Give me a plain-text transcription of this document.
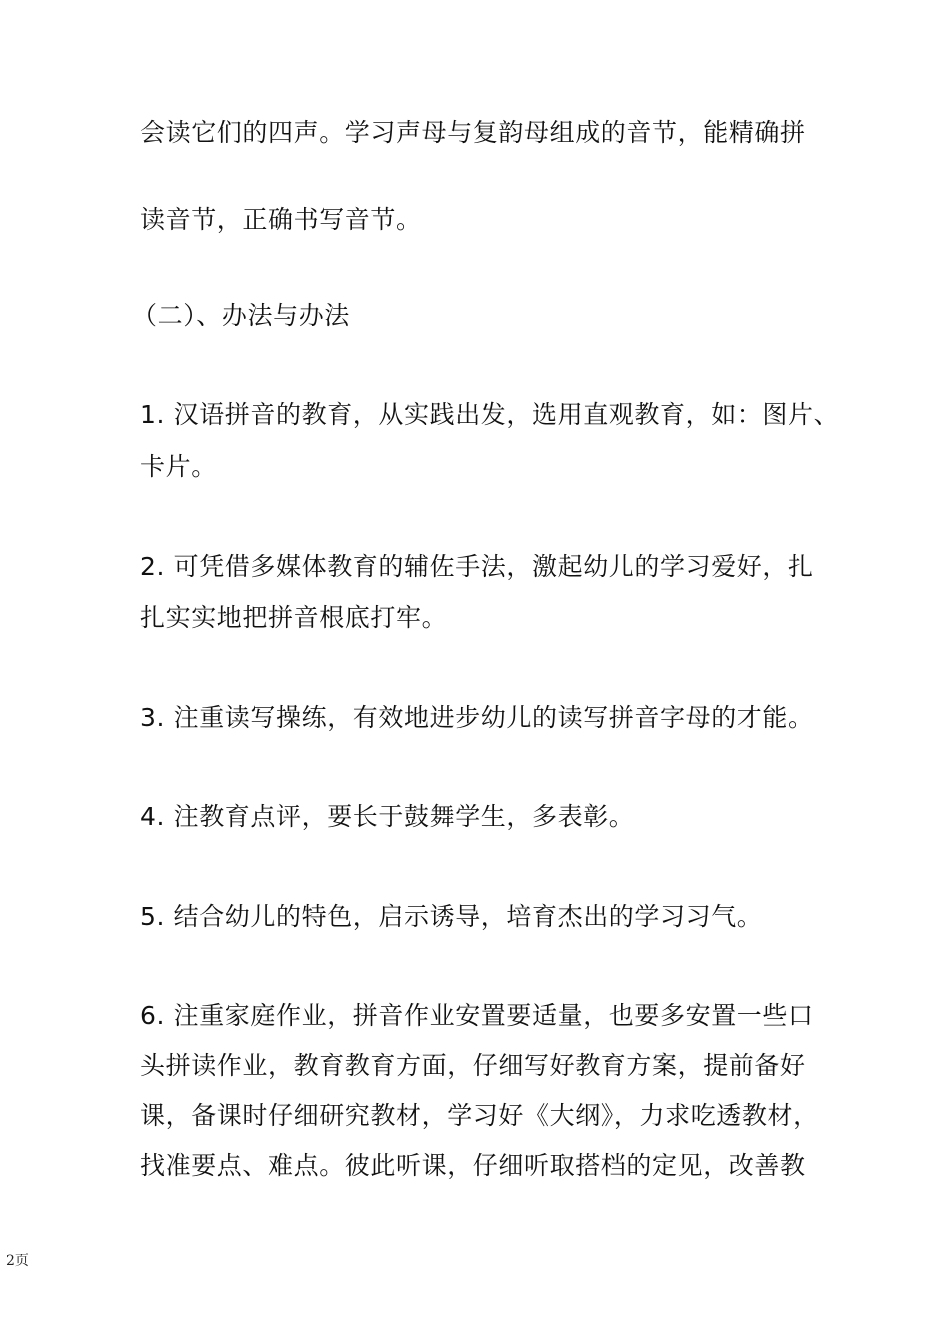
会读它们的四声。学习声母与复韵母组成的音节，能精确拼

读音节，正确书写音节。

（二）、办法与办法

1. 汉语拼音的教育，从实践出发，选用直观教育，如：图片、

卡片。

2. 可凭借多媒体教育的辅佐手法，激起幼儿的学习爱好，扎

扎实实地把拼音根底打牢。

3. 注重读写操练，有效地进步幼儿的读写拼音字母的才能。

4. 注教育点评，要长于鼓舞学生，多表彰。

5. 结合幼儿的特色，启示诱导，培育杰出的学习习气。

6. 注重家庭作业，拼音作业安置要适量，也要多安置一些口

头拼读作业，教育教育方面，仔细写好教育方案，提前备好

课，备课时仔细研究教材，学习好《大纲》，力求吃透教材，

找准要点、难点。彼此听课，仔细听取搭档的定见，改善教

2页
